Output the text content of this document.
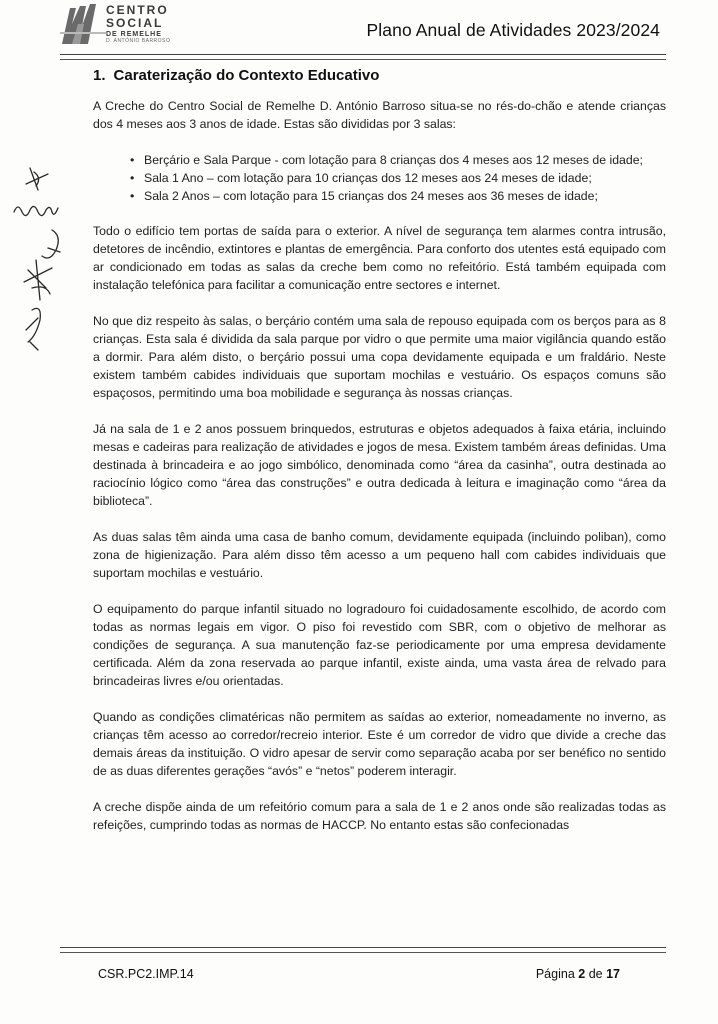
CENTRO
SOCIAL
DE REMELHE
D. ANTÓNIO BARROSO
Plano Anual de Atividades 2023/2024
1. Caraterização do Contexto Educativo

A Creche do Centro Social de Remelhe D. António Barroso situa-se no rés-do-chão e atende crianças dos 4 meses aos 3 anos de idade. Estas são divididas por 3 salas:

• Berçário e Sala Parque - com lotação para 8 crianças dos 4 meses aos 12 meses de idade;
• Sala 1 Ano – com lotação para 10 crianças dos 12 meses aos 24 meses de idade;
• Sala 2 Anos – com lotação para 15 crianças dos 24 meses aos 36 meses de idade;

Todo o edifício tem portas de saída para o exterior. A nível de segurança tem alarmes contra intrusão, detetores de incêndio, extintores e plantas de emergência. Para conforto dos utentes está equipado com ar condicionado em todas as salas da creche bem como no refeitório. Está também equipada com instalação telefónica para facilitar a comunicação entre sectores e internet.

No que diz respeito às salas, o berçário contém uma sala de repouso equipada com os berços para as 8 crianças. Esta sala é dividida da sala parque por vidro o que permite uma maior vigilância quando estão a dormir. Para além disto, o berçário possui uma copa devidamente equipada e um fraldário. Neste existem também cabides individuais que suportam mochilas e vestuário. Os espaços comuns são espaçosos, permitindo uma boa mobilidade e segurança às nossas crianças.

Já na sala de 1 e 2 anos possuem brinquedos, estruturas e objetos adequados à faixa etária, incluindo mesas e cadeiras para realização de atividades e jogos de mesa. Existem também áreas definidas. Uma destinada à brincadeira e ao jogo simbólico, denominada como “área da casinha”, outra destinada ao raciocínio lógico como “área das construções” e outra dedicada à leitura e imaginação como “área da biblioteca”.

As duas salas têm ainda uma casa de banho comum, devidamente equipada (incluindo poliban), como zona de higienização. Para além disso têm acesso a um pequeno hall com cabides individuais que suportam mochilas e vestuário.

O equipamento do parque infantil situado no logradouro foi cuidadosamente escolhido, de acordo com todas as normas legais em vigor. O piso foi revestido com SBR, com o objetivo de melhorar as condições de segurança. A sua manutenção faz-se periodicamente por uma empresa devidamente certificada. Além da zona reservada ao parque infantil, existe ainda, uma vasta área de relvado para brincadeiras livres e/ou orientadas.

Quando as condições climatéricas não permitem as saídas ao exterior, nomeadamente no inverno, as crianças têm acesso ao corredor/recreio interior. Este é um corredor de vidro que divide a creche das demais áreas da instituição. O vidro apesar de servir como separação acaba por ser benéfico no sentido de as duas diferentes gerações “avós” e “netos” poderem interagir.

A creche dispõe ainda de um refeitório comum para a sala de 1 e 2 anos onde são realizadas todas as refeições, cumprindo todas as normas de HACCP. No entanto estas são confecionadas

CSR.PC2.IMP.14	Página 2 de 17
